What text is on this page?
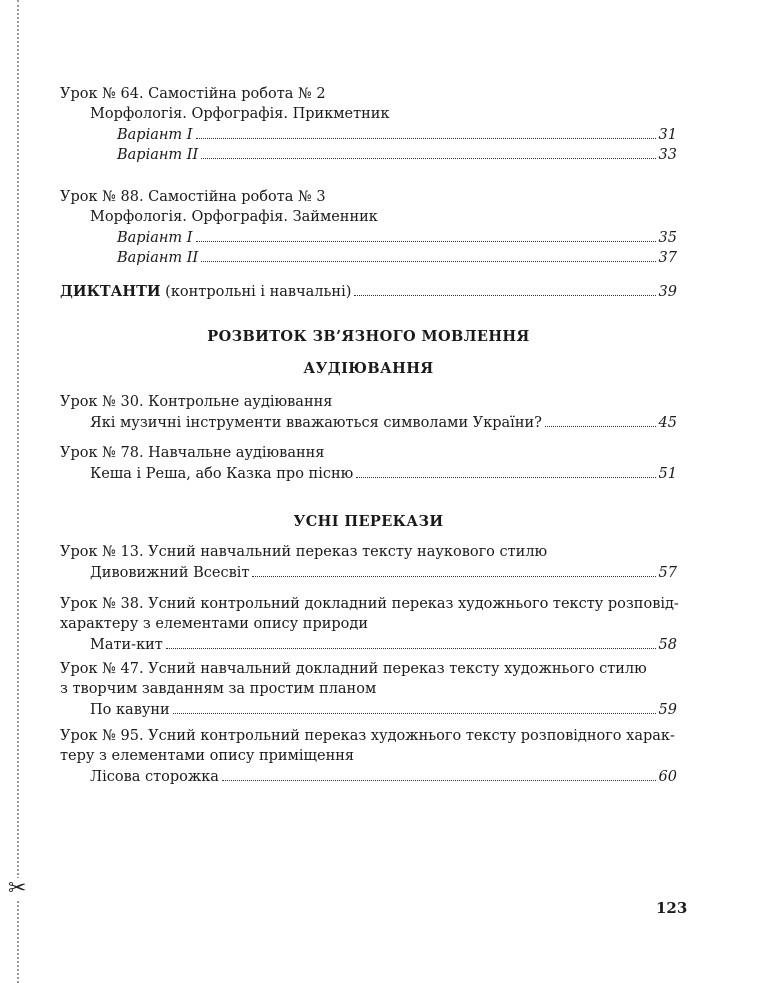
✂
Урок № 64. Самостійна робота № 2
Морфологія. Орфографія. Прикметник
Варіант I	31
Варіант II	33
Урок № 88. Самостійна робота № 3
Морфологія. Орфографія. Займенник
Варіант I	35
Варіант II	37
ДИКТАНТИ (контрольні і навчальні)	39
РОЗВИТОК ЗВ’ЯЗНОГО МОВЛЕННЯ
АУДІЮВАННЯ
Урок № 30. Контрольне аудіювання
Які музичні інструменти вважаються символами України?	45
Урок № 78. Навчальне аудіювання
Кеша і Реша, або Казка про пісню	51
УСНІ ПЕРЕКАЗИ
Урок № 13. Усний навчальний переказ тексту наукового стилю
Дивовижний Всесвіт	57
Урок № 38. Усний контрольний докладний переказ художнього тексту розповід-
характеру з елементами опису природи
Мати-кит	58
Урок № 47. Усний навчальний докладний переказ тексту художнього стилю
з творчим завданням за простим планом
По кавуни	59
Урок № 95. Усний контрольний переказ художнього тексту розповідного харак-
теру з елементами опису приміщення
Лісова сторожка	60
123
